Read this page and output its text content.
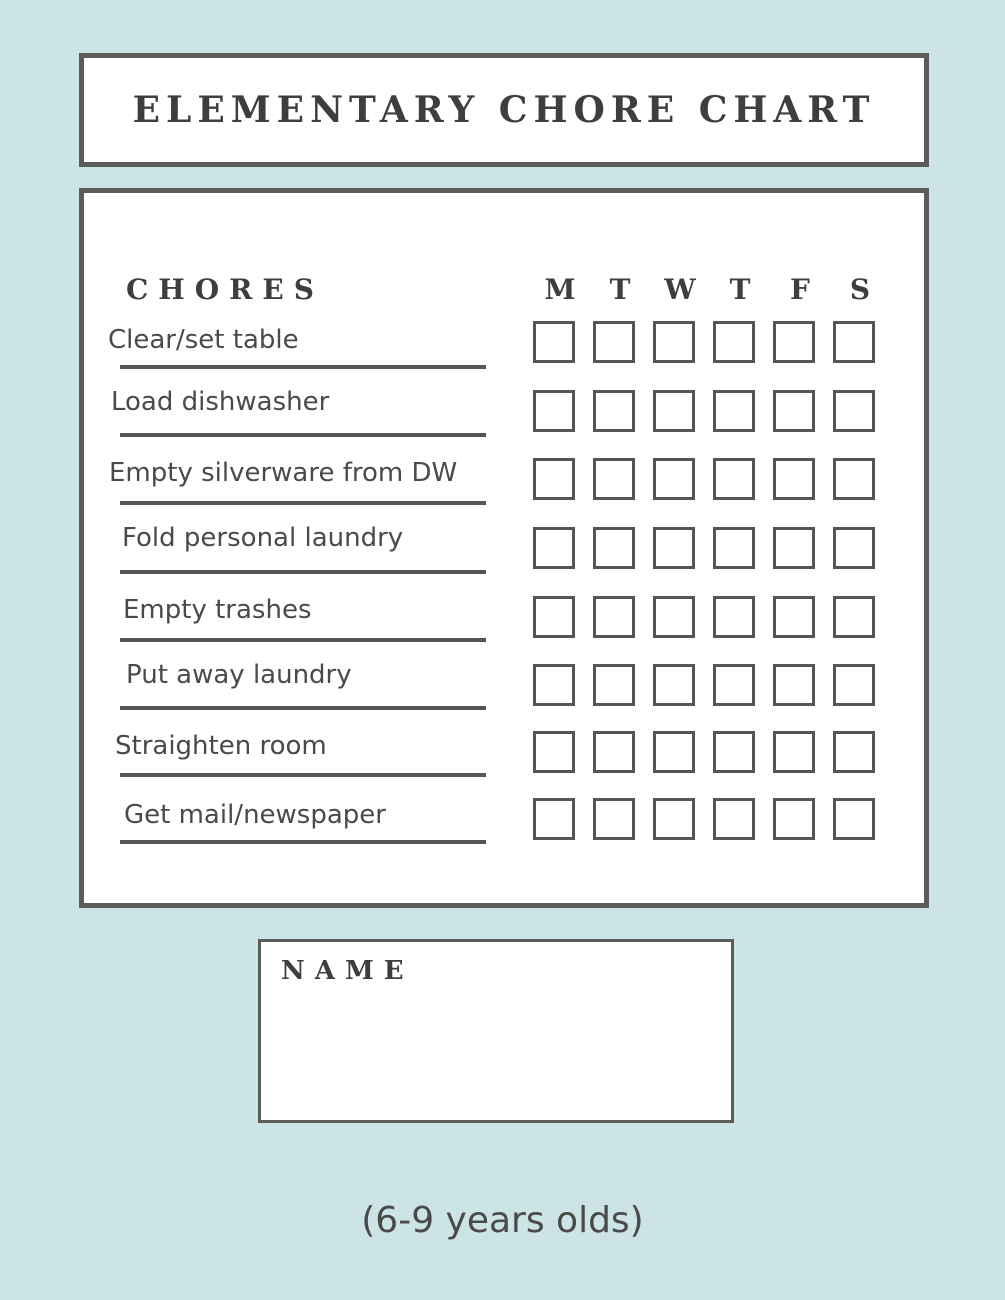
ELEMENTARY CHORE CHART
CHORES	M	T	W	T	F	S
Clear/set table
Load dishwasher
Empty silverware from DW
Fold personal laundry
Empty trashes
Put away laundry
Straighten room
Get mail/newspaper
NAME
(6-9 years olds)
